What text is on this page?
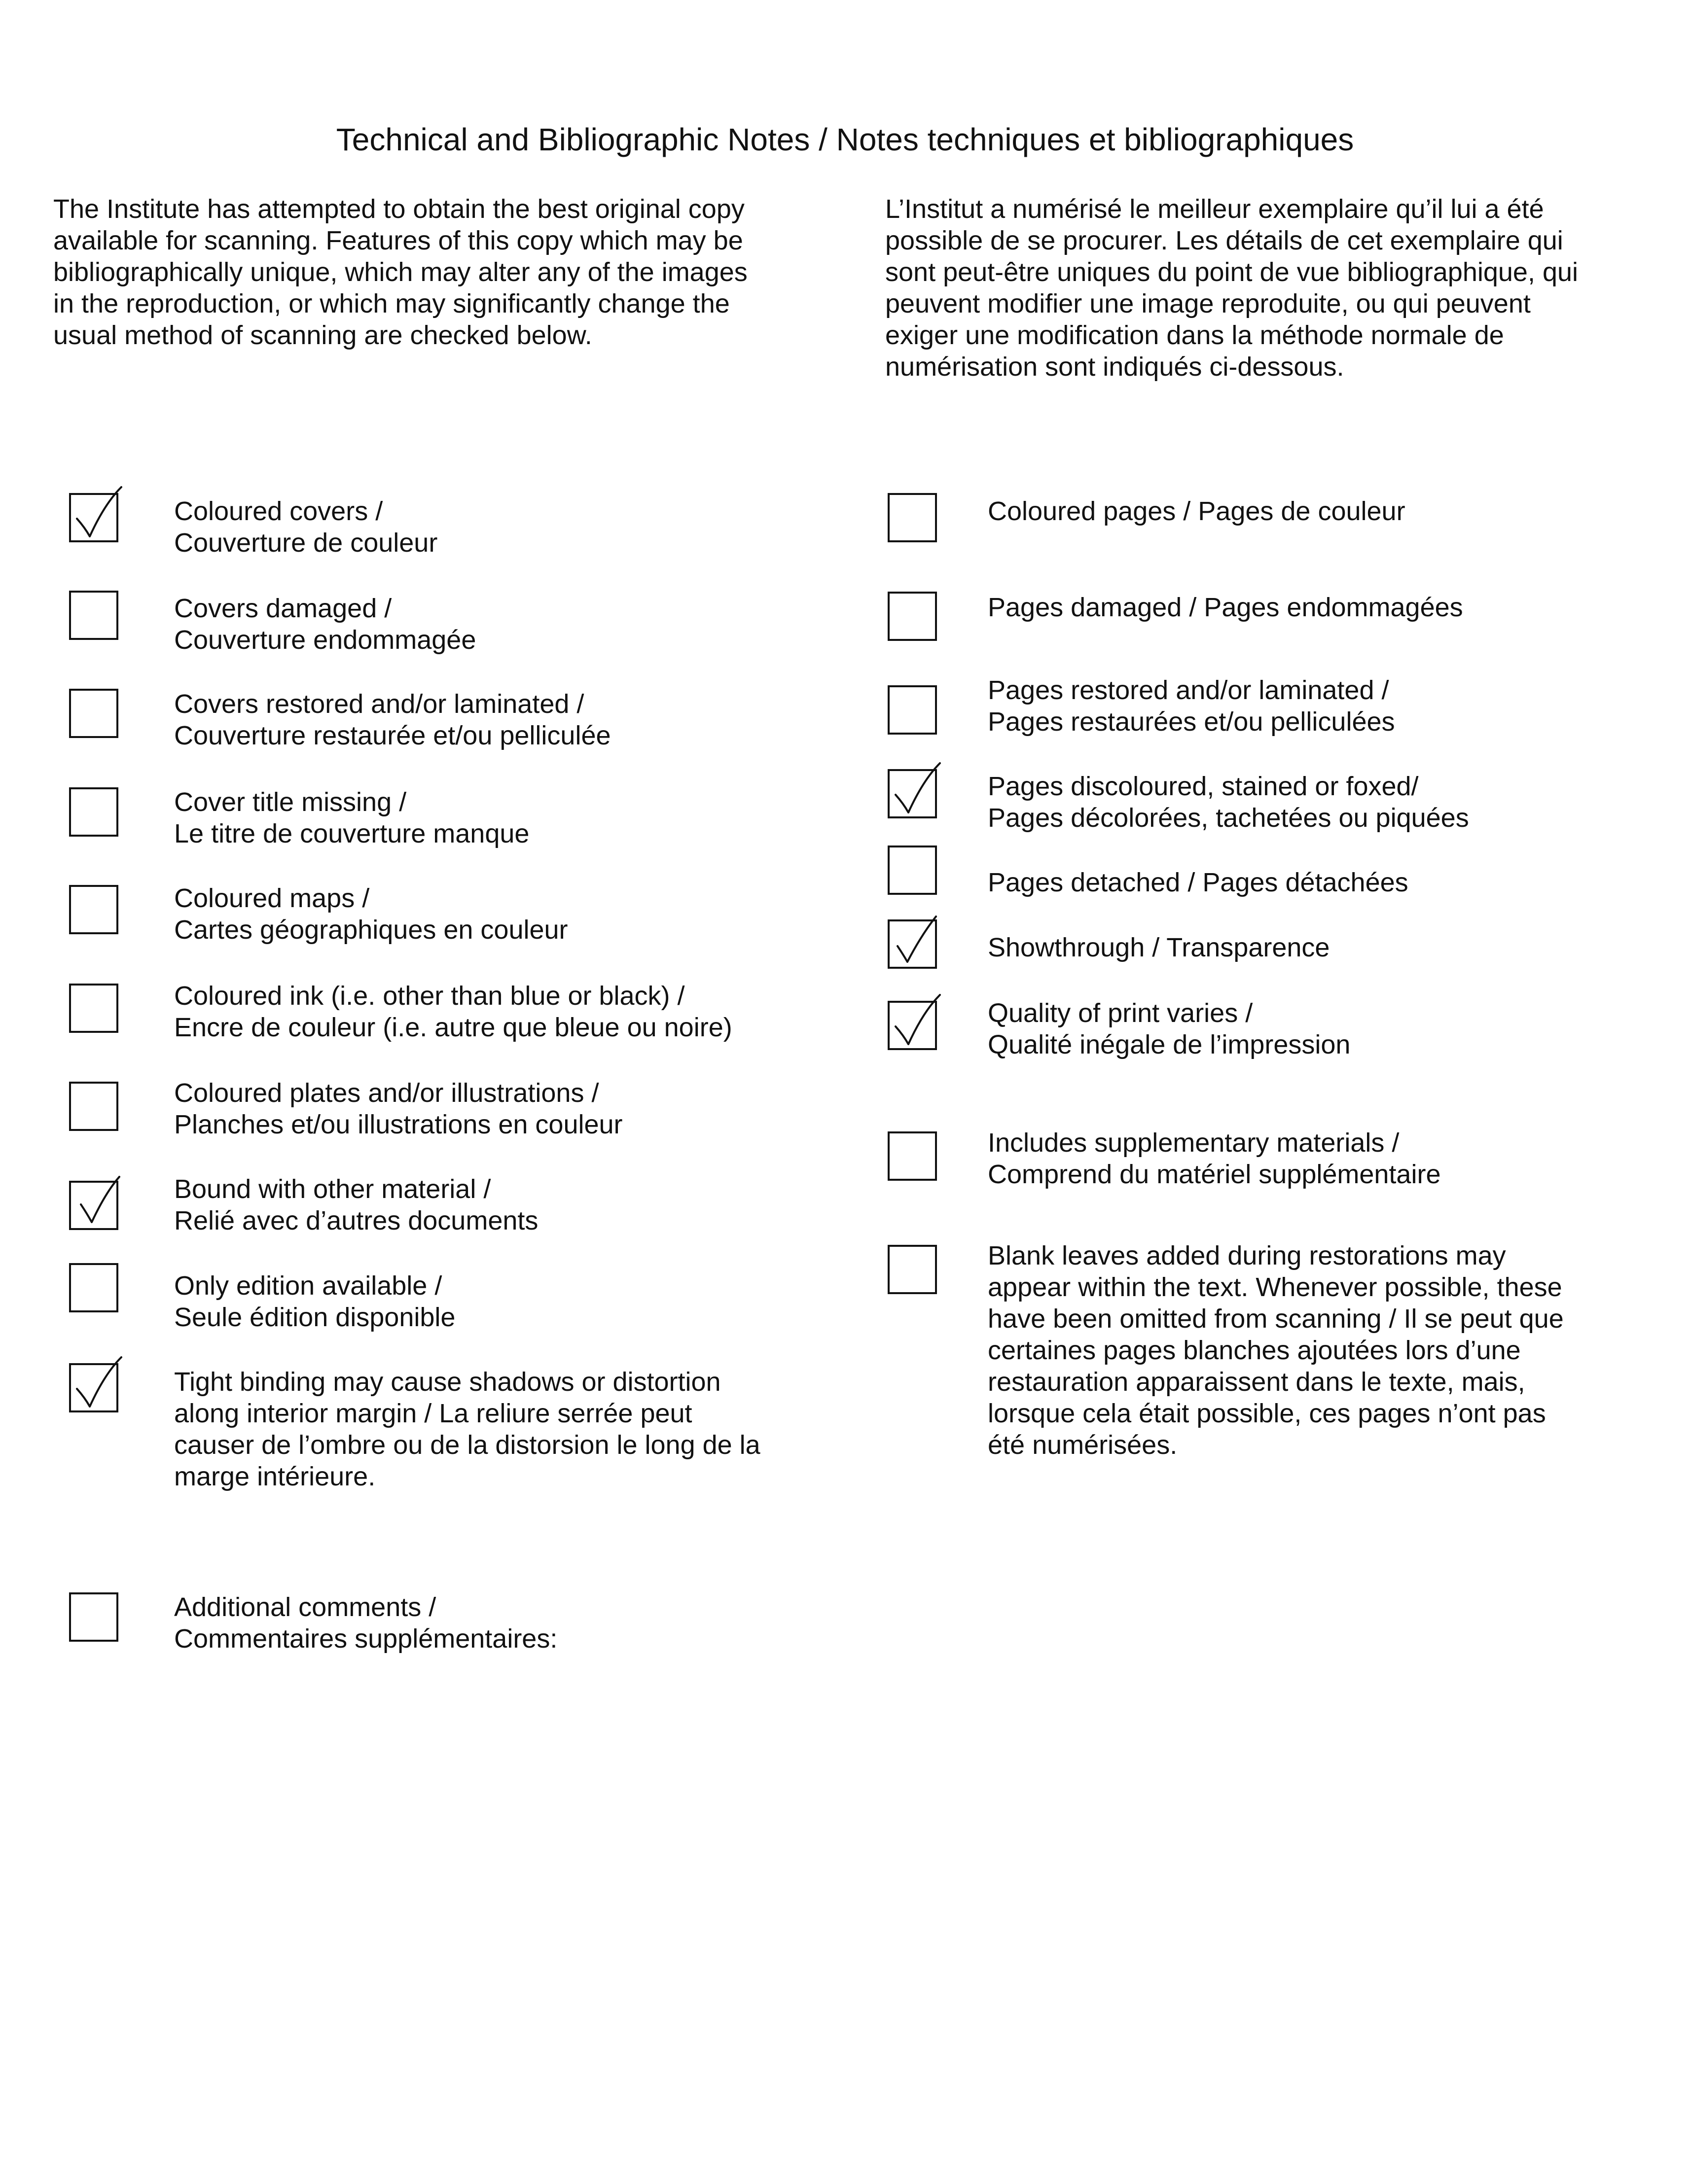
Technical and Bibliographic Notes / Notes techniques et bibliographiques

The Institute has attempted to obtain the best original copy
available for scanning. Features of this copy which may be
bibliographically unique, which may alter any of the images
in the reproduction, or which may significantly change the
usual method of scanning are checked below.

L’Institut a numérisé le meilleur exemplaire qu’il lui a été
possible de se procurer. Les détails de cet exemplaire qui
sont peut-être uniques du point de vue bibliographique, qui
peuvent modifier une image reproduite, ou qui peuvent
exiger une modification dans la méthode normale de
numérisation sont indiqués ci-dessous.

Coloured covers /
Couverture de couleur

Covers damaged /
Couverture endommagée

Covers restored and/or laminated /
Couverture restaurée et/ou pelliculée

Cover title missing /
Le titre de couverture manque

Coloured maps /
Cartes géographiques en couleur

Coloured ink (i.e. other than blue or black) /
Encre de couleur (i.e. autre que bleue ou noire)

Coloured plates and/or illustrations /
Planches et/ou illustrations en couleur

Bound with other material /
Relié avec d’autres documents

Only edition available /
Seule édition disponible

Tight binding may cause shadows or distortion
along interior margin / La reliure serrée peut
causer de l’ombre ou de la distorsion le long de la
marge intérieure.

Additional comments /
Commentaires supplémentaires:

Coloured pages / Pages de couleur

Pages damaged / Pages endommagées

Pages restored and/or laminated /
Pages restaurées et/ou pelliculées

Pages discoloured, stained or foxed/
Pages décolorées, tachetées ou piquées

Pages detached / Pages détachées

Showthrough / Transparence

Quality of print varies /
Qualité inégale de l’impression

Includes supplementary materials /
Comprend du matériel supplémentaire

Blank leaves added during restorations may
appear within the text. Whenever possible, these
have been omitted from scanning / Il se peut que
certaines pages blanches ajoutées lors d’une
restauration apparaissent dans le texte, mais,
lorsque cela était possible, ces pages n’ont pas
été numérisées.
